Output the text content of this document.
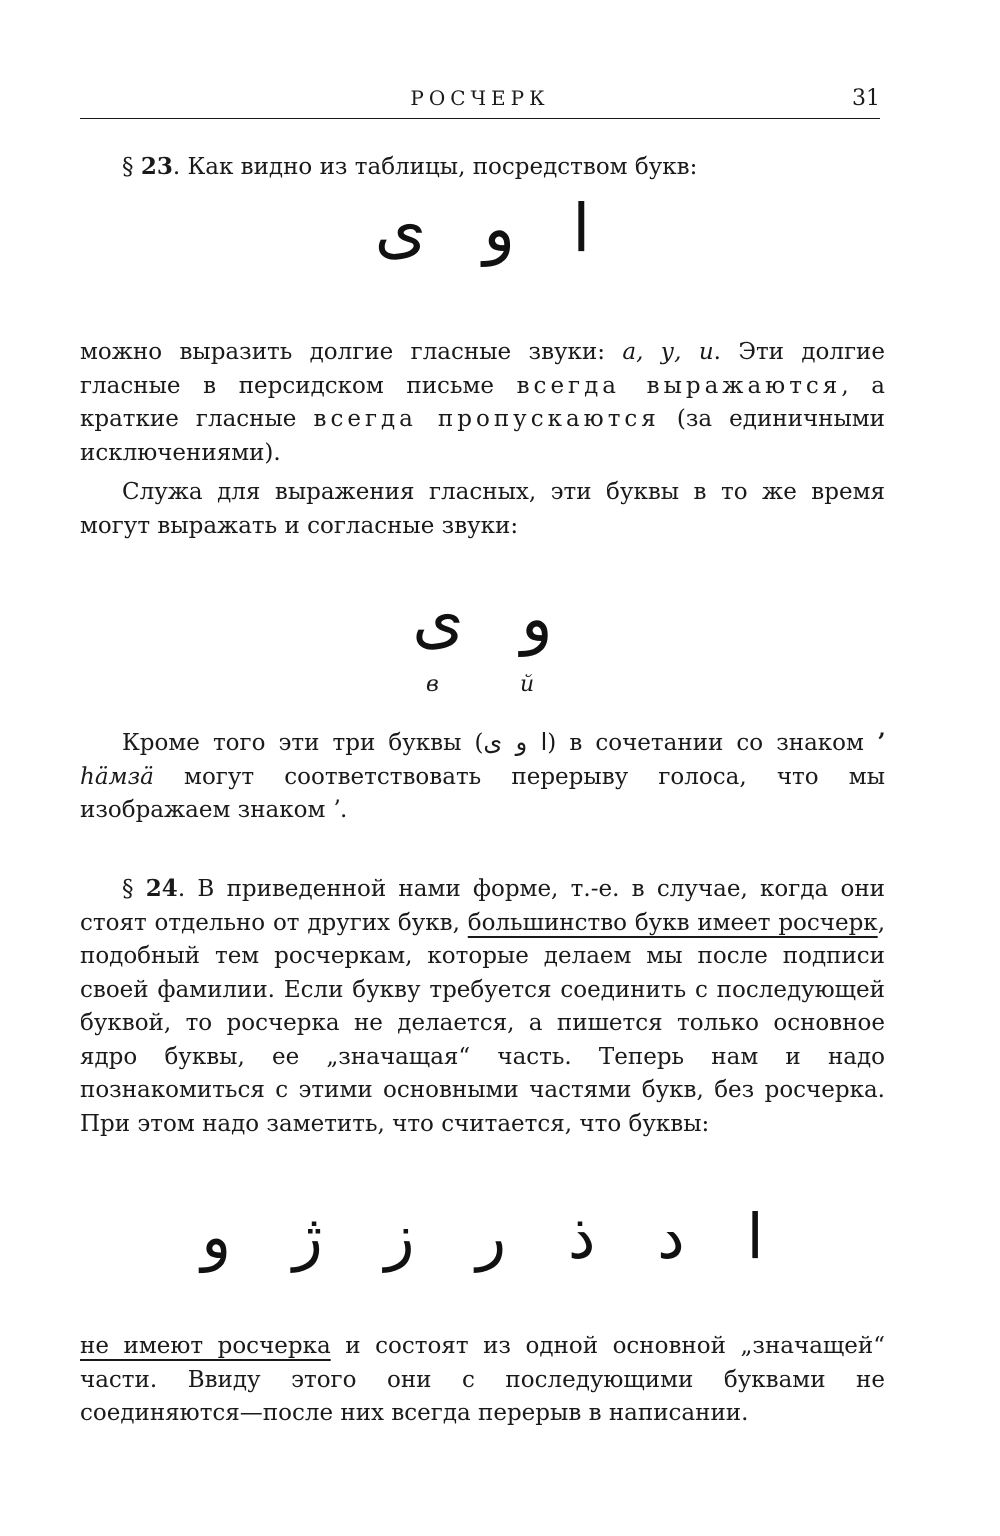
РОСЧЕРК	31

§ 23. Как видно из таблицы, посредством букв:

ا و ى

можно выразить долгие гласные звуки: а, у, и. Эти долгие гласные в персидском письме всегда выражаются, а краткие гласные всегда пропускаются (за единичными исключениями).

Служа для выражения гласных, эти буквы в то же время могут выражать и согласные звуки:

و ى
в	й

Кроме того эти три буквы (ا و ى) в сочетании со знаком ʼ hӓмзӓ могут соответствовать перерыву голоса, что мы изображаем знаком ʼ.

§ 24. В приведенной нами форме, т.-е. в случае, когда они стоят отдельно от других букв, большинство букв имеет росчерк, подобный тем росчеркам, которые делаем мы после подписи своей фамилии. Если букву требуется соединить с последующей буквой, то росчерка не делается, а пишется только основное ядро буквы, ее „значащая“ часть. Теперь нам и надо познакомиться с этими основными частями букв, без росчерка. При этом надо заметить, что считается, что буквы:

ا د ذ ر ز ژ و

не имеют росчерка и состоят из одной основной „значащей“ части. Ввиду этого они с последующими буквами не соединяются—после них всегда перерыв в написании.
